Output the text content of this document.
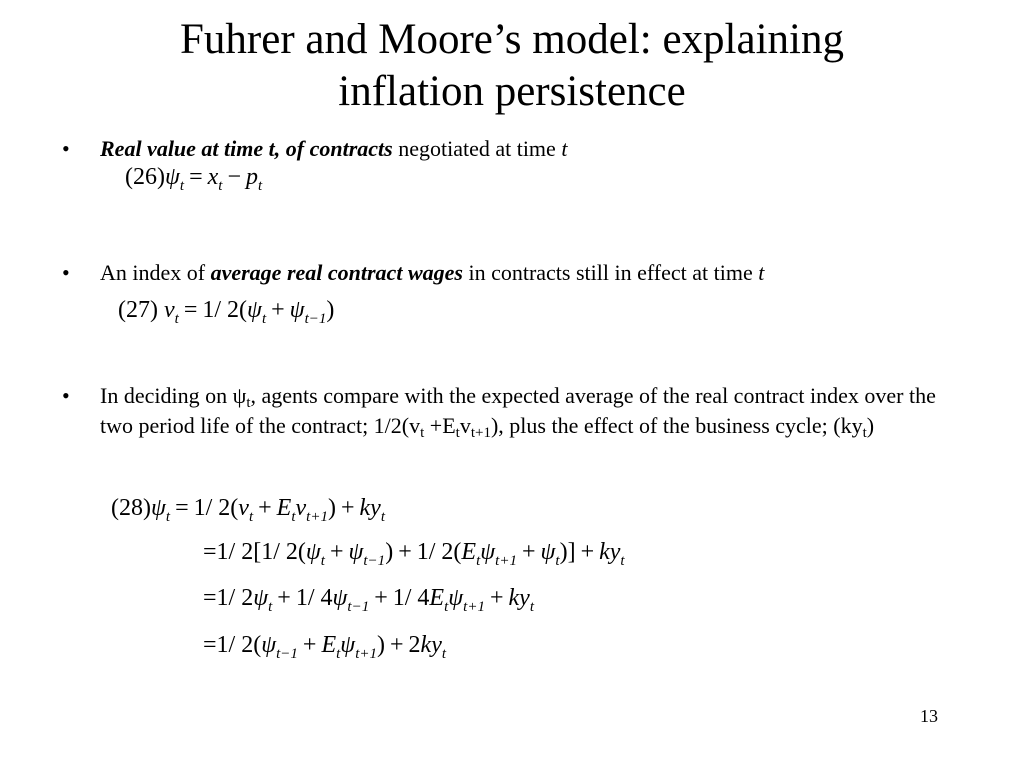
Fuhrer and Moore’s model: explaining
inflation persistence
• Real value at time t, of contracts negotiated at time t
$(26)\psi_t = x_t - p_t$
• An index of average real contract wages in contracts still in effect at time t
(27) $v_t = 1/$ $2(\psi_t + \psi_{t-1})$
• In deciding on $\psi_t$, agents compare with the expected average of the real contract index over the two period life of the contract; $1/2(v_t +E_tv_{t+1})$, plus the effect of the business cycle; $(ky_t)$
$(28)\psi_t = 1/$ $2(v_t + E_tv_{t+1}) + ky_t$
=1/ 2[1/ $2(\psi_t + \psi_{t-1}) + 1/$ $2(E_t\psi_{t+1} + \psi_t)] + ky_t$
=1/ $2\psi_t + 1/$ $4\psi_{t-1} + 1/$ $4E_t\psi_{t+1} + ky_t$
=1/ $2(\psi_{t-1} + E_t\psi_{t+1}) + 2ky_t$
13
